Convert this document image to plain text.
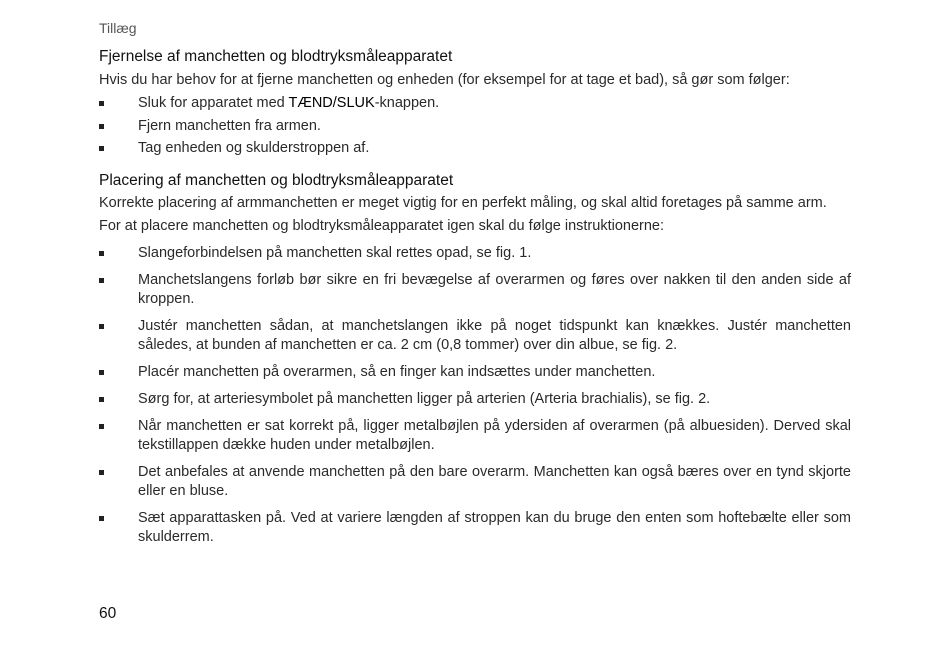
Tillæg
Fjernelse af manchetten og blodtryksmåleapparatet
Hvis du har behov for at fjerne manchetten og enheden (for eksempel for at tage et bad), så gør som følger:
Sluk for apparatet med TÆND/SLUK-knappen.
Fjern manchetten fra armen.
Tag enheden og skulderstroppen af.
Placering af manchetten og blodtryksmåleapparatet
Korrekte placering af armmanchetten er meget vigtig for en perfekt måling, og skal altid foretages på samme arm.
For at placere manchetten og blodtryksmåleapparatet igen skal du følge instruktionerne:
Slangeforbindelsen på manchetten skal rettes opad, se fig. 1.
Manchetslangens forløb bør sikre en fri bevægelse af overarmen og føres over nakken til den anden side af kroppen.
Justér manchetten sådan, at manchetslangen ikke på noget tidspunkt kan knækkes. Justér manchetten således, at bunden af manchetten er ca. 2 cm (0,8 tommer) over din albue, se fig. 2.
Placér manchetten på overarmen, så en finger kan indsættes under manchetten.
Sørg for, at arteriesymbolet på manchetten ligger på arterien (Arteria brachialis), se fig. 2.
Når manchetten er sat korrekt på, ligger metalbøjlen på ydersiden af overarmen (på albuesiden). Derved skal tekstillappen dække huden under metalbøjlen.
Det anbefales at anvende manchetten på den bare overarm. Manchetten kan også bæres over en tynd skjorte eller en bluse.
Sæt apparattasken på. Ved at variere længden af stroppen kan du bruge den enten som hoftebælte eller som skulderrem.
60
